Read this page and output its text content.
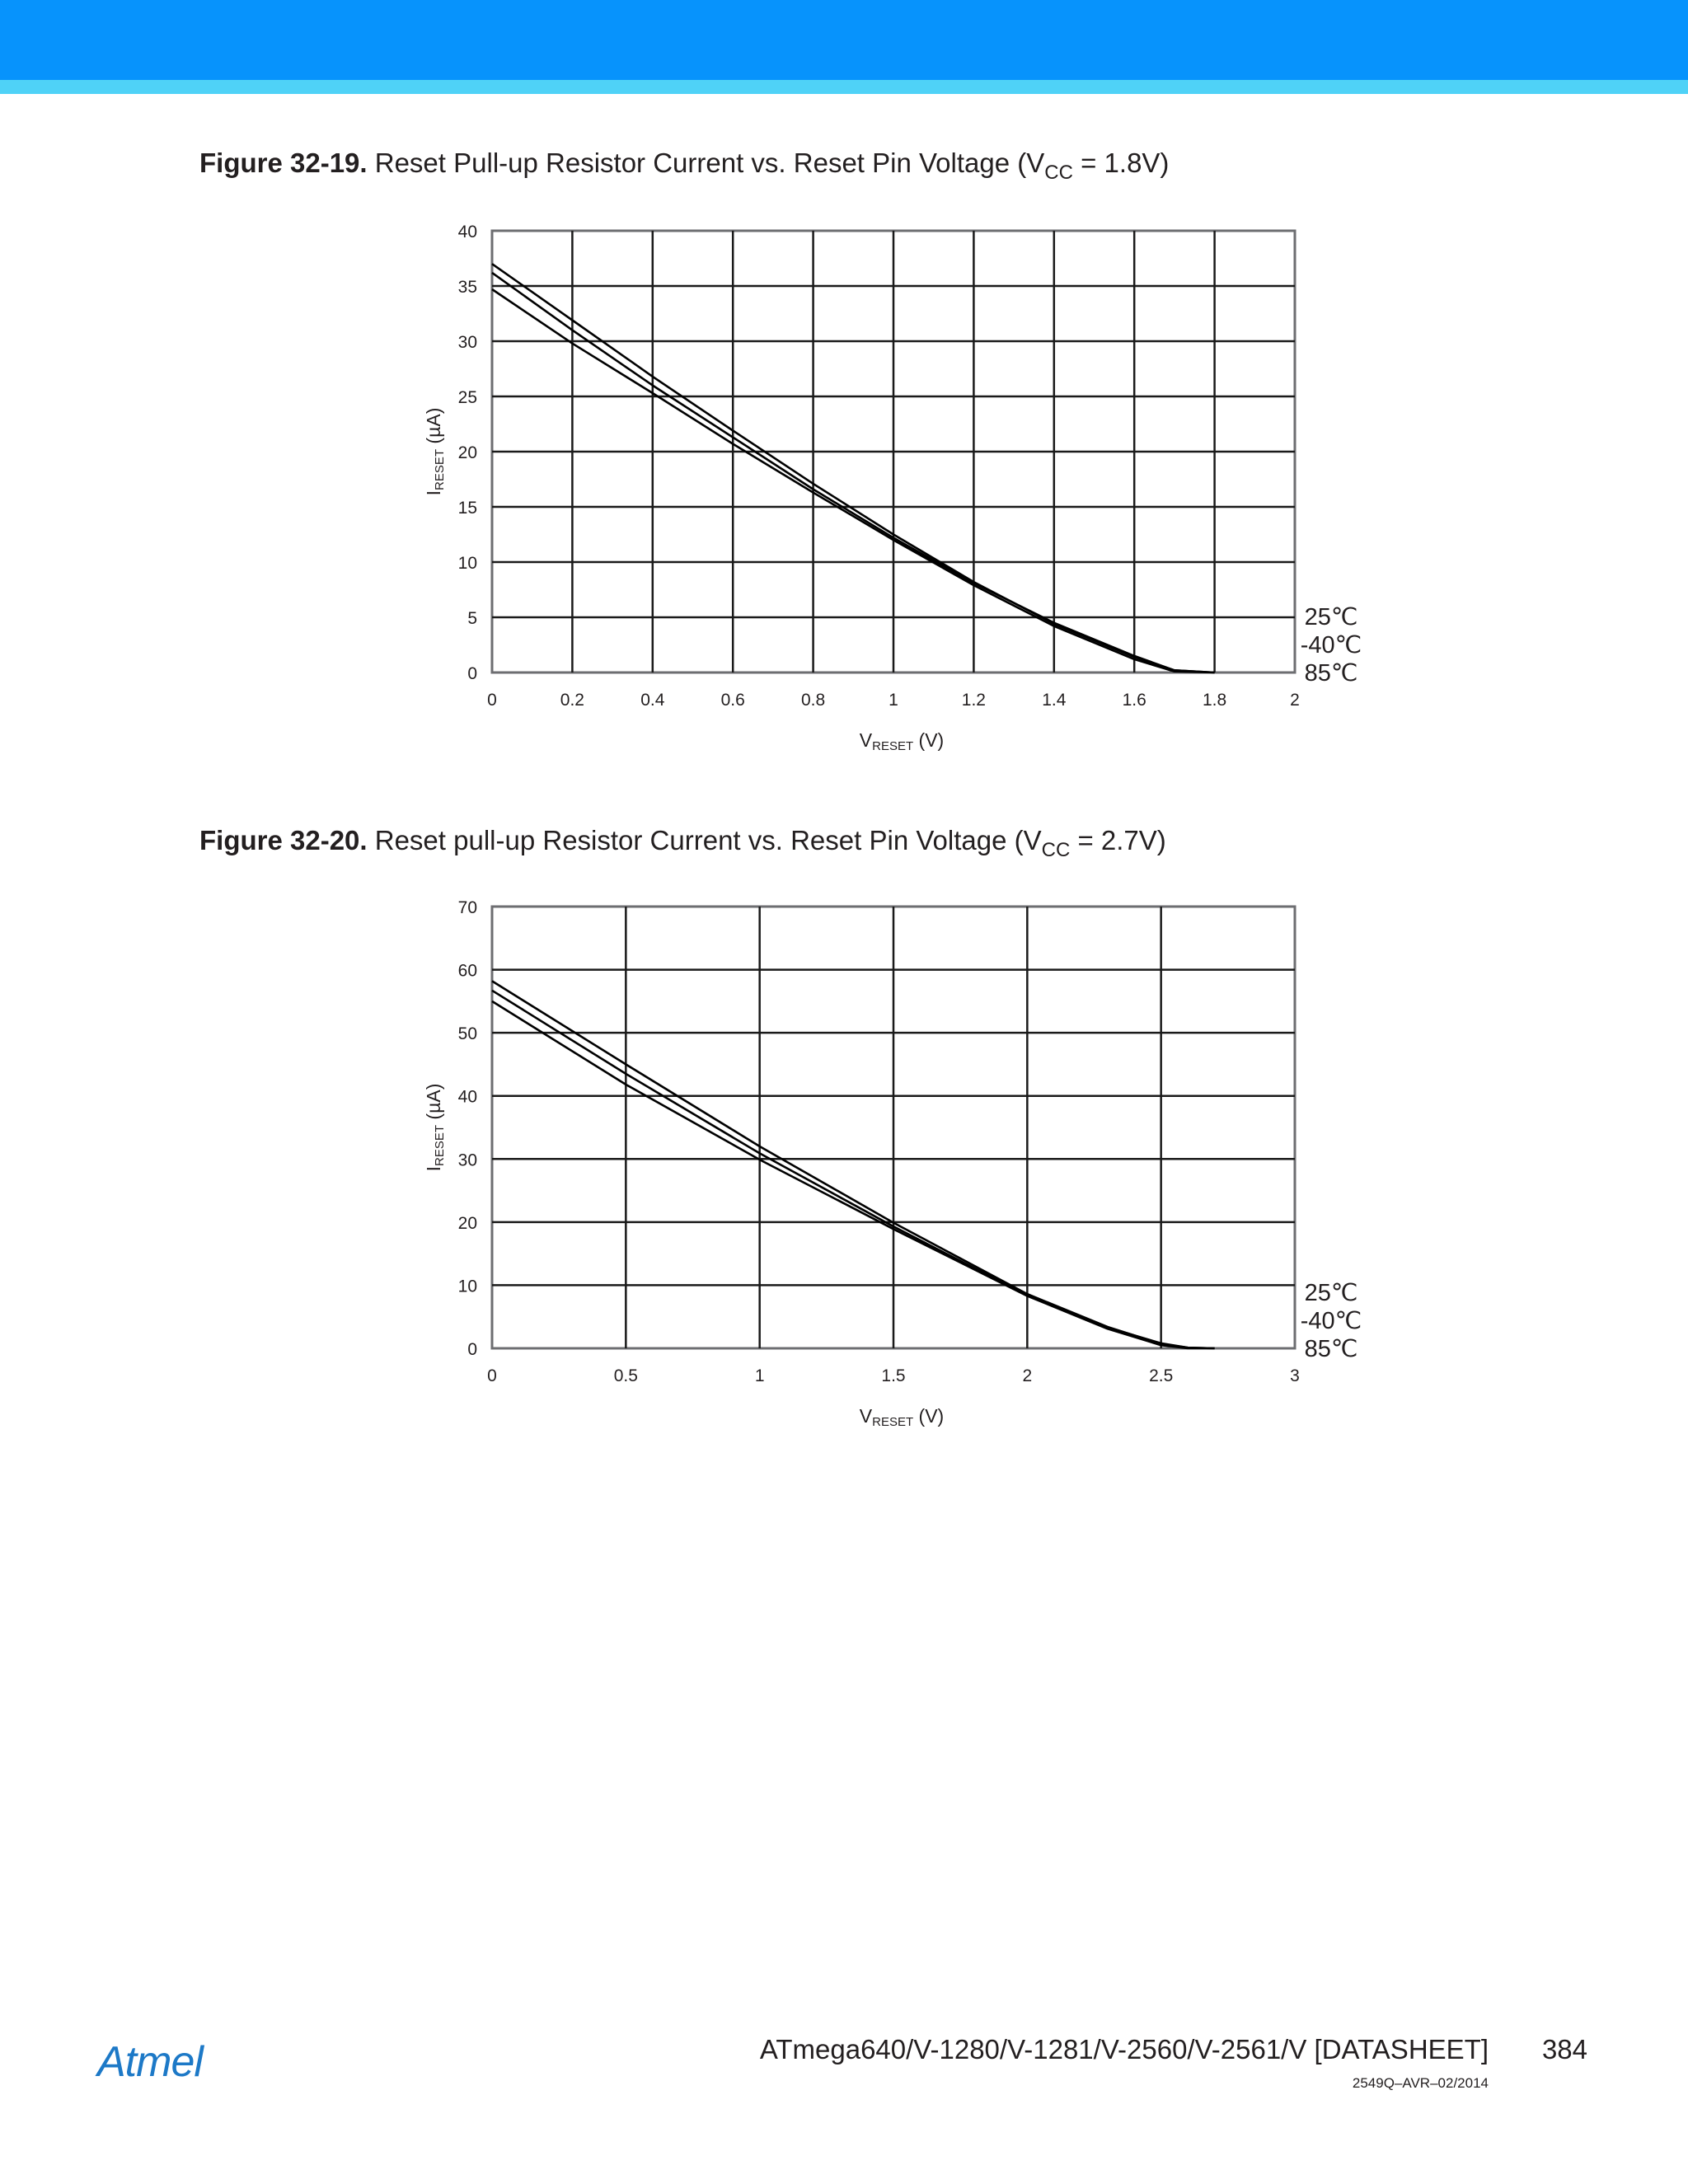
Figure 32-19. Reset Pull-up Resistor Current vs. Reset Pin Voltage $(V_{CC} = 1.8V)$
0	0.2	0.4	0.6	0.8	1	1.2	1.4	1.6	1.8	2
0
5
10
15
20
25
30
35
40
VRESET (V)
IRESET (µA)
25℃
-40℃
85℃
Figure 32-20. Reset pull-up Resistor Current vs. Reset Pin Voltage $(V_{CC} = 2.7V)$
0	0.5	1	1.5	2	2.5	3
0
10
20
30
40
50
60
70
VRESET (V)
IRESET (µA)
25℃
-40℃
85℃
Atmel	ATmega640/V-1280/V-1281/V-2560/V-2561/V [DATASHEET] 384
2549Q–AVR–02/2014
